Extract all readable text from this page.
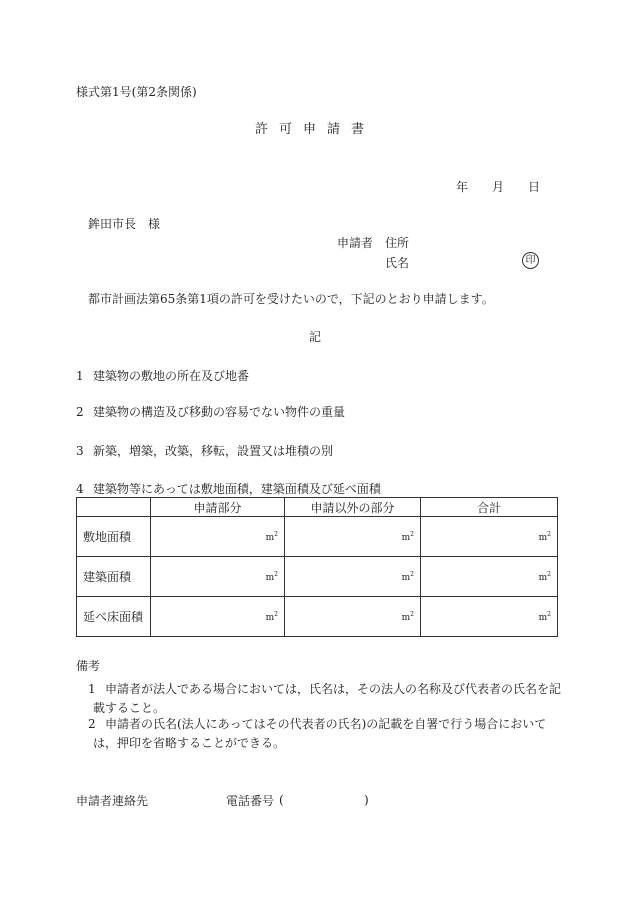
様式第1号(第2条関係)
許可申請書
年 月 日
鉾田市長　様
申請者 住所
氏名	印
都市計画法第65条第1項の許可を受けたいので，下記のとおり申請します。
記
1 建築物の敷地の所在及び地番
2 建築物の構造及び移動の容易でない物件の重量
3 新築，増築，改築，移転，設置又は堆積の別
4 建築物等にあっては敷地面積，建築面積及び延べ面積
	申請部分	申請以外の部分	合計
敷地面積	$m^2$	$m^2$	$m^2$
建築面積	$m^2$	$m^2$	$m^2$
延べ床面積	$m^2$	$m^2$	$m^2$
備考
1 申請者が法人である場合においては，氏名は，その法人の名称及び代表者の氏名を記
載すること。
2 申請者の氏名(法人にあってはその代表者の氏名)の記載を自署で行う場合において
は，押印を省略することができる。
申請者連絡先	電話番号 (	)
